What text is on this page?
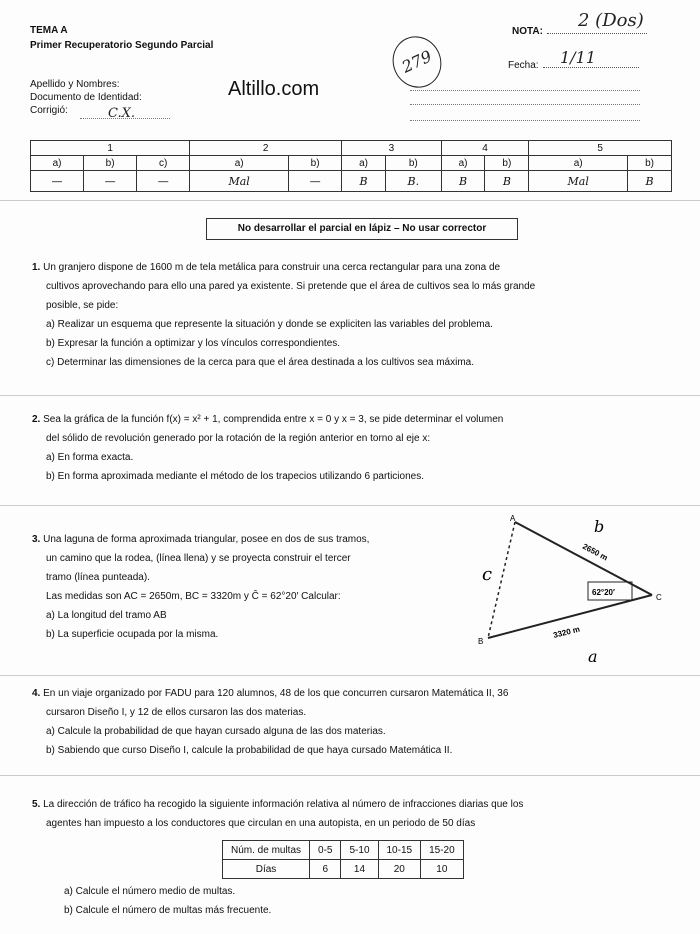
TEMA A
Primer Recuperatorio Segundo Parcial
279
NOTA:
2 (Dos)
Fecha:	1/11
Apellido y Nombres:
Documento de Identidad:
Corrigió:	C.X.
Altillo.com
1			2		3		4		5	
a)	b)	c)	a)	b)	a)	b)	a)	b)	a)	b)
—	—	—	Mal	—	B	B.	B	B	Mal	B
No desarrollar el parcial en lápiz – No usar corrector
1. Un granjero dispone de 1600 m de tela metálica para construir una cerca rectangular para una zona de
cultivos aprovechando para ello una pared ya existente. Si pretende que el área de cultivos sea lo más grande
posible, se pide:
a) Realizar un esquema que represente la situación y donde se expliciten las variables del problema.
b) Expresar la función a optimizar y los vínculos correspondientes.
c) Determinar las dimensiones de la cerca para que el área destinada a los cultivos sea máxima.
2. Sea la gráfica de la función f(x) = x² + 1, comprendida entre x = 0 y x = 3, se pide determinar el volumen
del sólido de revolución generado por la rotación de la región anterior en torno al eje x:
a) En forma exacta.
b) En forma aproximada mediante el método de los trapecios utilizando 6 particiones.
3. Una laguna de forma aproximada triangular, posee en dos de sus tramos,
un camino que la rodea, (línea llena) y se proyecta construir el tercer
tramo (línea punteada).
Las medidas son AC = 2650m, BC = 3320m y Ĉ = 62°20′ Calcular:
a) La longitud del tramo AB
b) La superficie ocupada por la misma.
A
B
C
2650 m
3320 m
62°20′
b
c
a
4. En un viaje organizado por FADU para 120 alumnos, 48 de los que concurren cursaron Matemática II, 36
cursaron Diseño I, y 12 de ellos cursaron las dos materias.
a) Calcule la probabilidad de que hayan cursado alguna de las dos materias.
b) Sabiendo que curso Diseño I, calcule la probabilidad de que haya cursado Matemática II.
5. La dirección de tráfico ha recogido la siguiente información relativa al número de infracciones diarias que los
agentes han impuesto a los conductores que circulan en una autopista, en un periodo de 50 días
Núm. de multas	0-5	5-10	10-15	15-20
Días	6	14	20	10
a) Calcule el número medio de multas.
b) Calcule el número de multas más frecuente.
